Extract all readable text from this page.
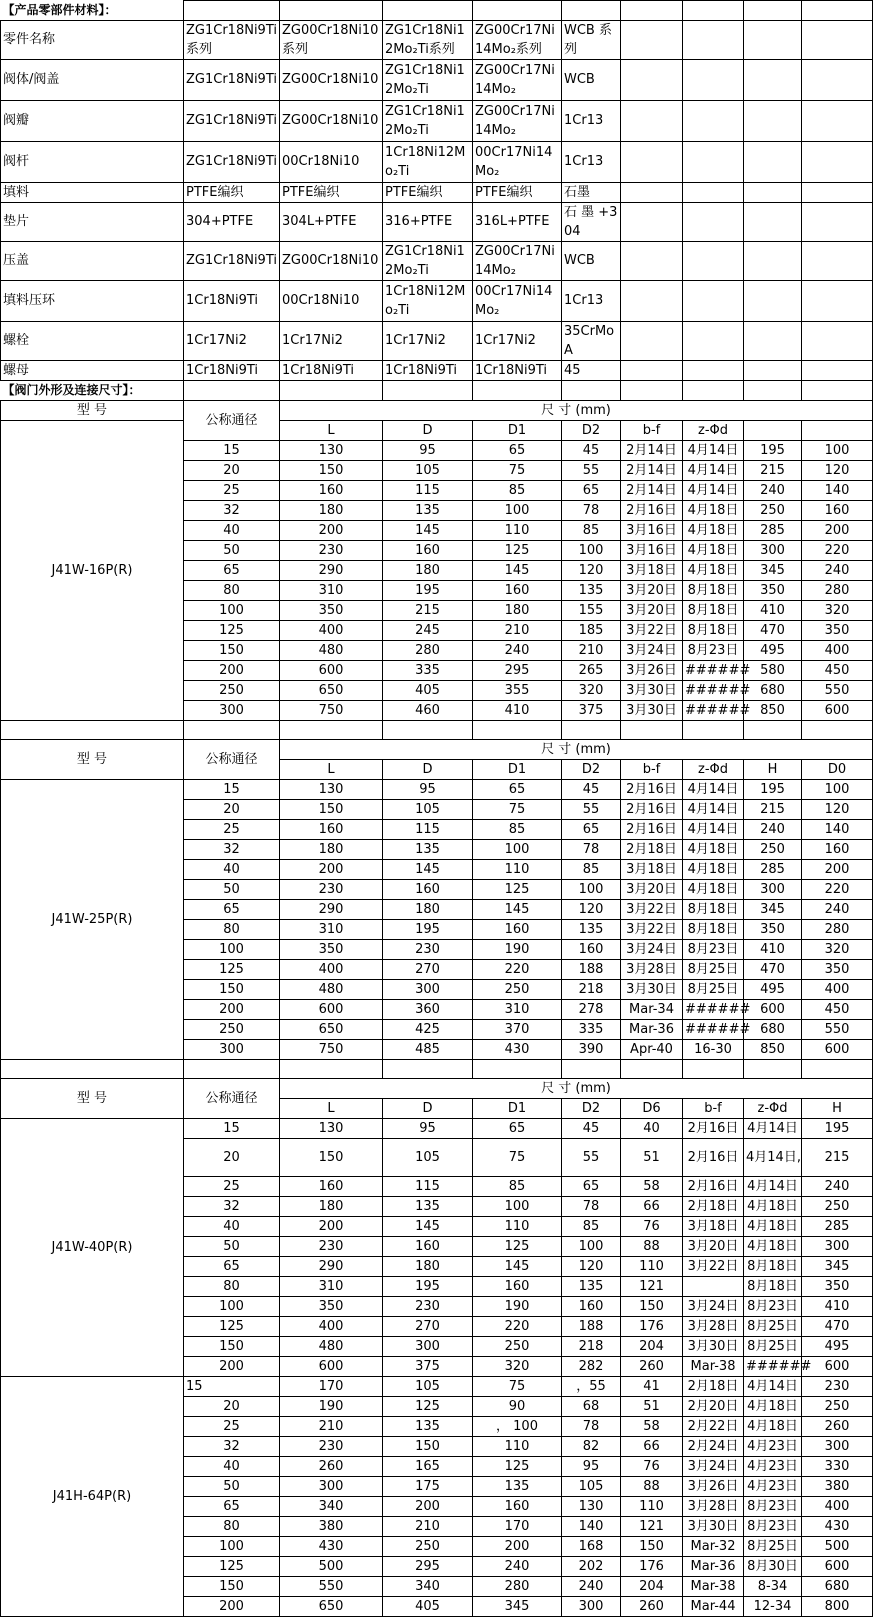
【产品零部件材料】：									
零件名称	ZG1Cr18Ni9Ti系列	ZG00Cr18Ni10系列	ZG1Cr18Ni12Mo₂Ti系列	ZG00Cr17Ni14Mo₂系列	WCB 系列				
阀体/阀盖	ZG1Cr18Ni9Ti	ZG00Cr18Ni10	ZG1Cr18Ni12Mo₂Ti	ZG00Cr17Ni14Mo₂	WCB				
阀瓣	ZG1Cr18Ni9Ti	ZG00Cr18Ni10	ZG1Cr18Ni12Mo₂Ti	ZG00Cr17Ni14Mo₂	1Cr13				
阀杆	ZG1Cr18Ni9Ti	00Cr18Ni10	1Cr18Ni12Mo₂Ti	00Cr17Ni14Mo₂	1Cr13				
填料	PTFE编织	PTFE编织	PTFE编织	PTFE编织	石墨				
垫片	304+PTFE	304L+PTFE	316+PTFE	316L+PTFE	石 墨 +304				
压盖	ZG1Cr18Ni9Ti	ZG00Cr18Ni10	ZG1Cr18Ni12Mo₂Ti	ZG00Cr17Ni14Mo₂	WCB				
填料压环	1Cr18Ni9Ti	00Cr18Ni10	1Cr18Ni12Mo₂Ti	00Cr17Ni14Mo₂	1Cr13				
螺栓	1Cr17Ni2	1Cr17Ni2	1Cr17Ni2	1Cr17Ni2	35CrMoA				
螺母	1Cr18Ni9Ti	1Cr18Ni9Ti	1Cr18Ni9Ti	1Cr18Ni9Ti	45				
【阀门外形及连接尺寸】：									
型 号	公称通径	尺 寸 (mm)							
J41W-16P(R)		L	D	D1	D2	b-f	z-Φd		
	15	130	95	65	45	2月14日	4月14日	195	100
	20	150	105	75	55	2月14日	4月14日	215	120
	25	160	115	85	65	2月14日	4月14日	240	140
	32	180	135	100	78	2月16日	4月18日	250	160
	40	200	145	110	85	3月16日	4月18日	285	200
	50	230	160	125	100	3月16日	4月18日	300	220
	65	290	180	145	120	3月18日	4月18日	345	240
	80	310	195	160	135	3月20日	8月18日	350	280
	100	350	215	180	155	3月20日	8月18日	410	320
	125	400	245	210	185	3月22日	8月18日	470	350
	150	480	280	240	210	3月24日	8月23日	495	400
	200	600	335	295	265	3月26日	######	580	450
	250	650	405	355	320	3月30日	######	680	550
	300	750	460	410	375	3月30日	######	850	600

型 号	公称通径	尺 寸 (mm)							
		L	D	D1	D2	b-f	z-Φd	H	D0
J41W-25P(R)	15	130	95	65	45	2月16日	4月14日	195	100
	20	150	105	75	55	2月16日	4月14日	215	120
	25	160	115	85	65	2月16日	4月14日	240	140
	32	180	135	100	78	2月18日	4月18日	250	160
	40	200	145	110	85	3月18日	4月18日	285	200
	50	230	160	125	100	3月20日	4月18日	300	220
	65	290	180	145	120	3月22日	8月18日	345	240
	80	310	195	160	135	3月22日	8月18日	350	280
	100	350	230	190	160	3月24日	8月23日	410	320
	125	400	270	220	188	3月28日	8月25日	470	350
	150	480	300	250	218	3月30日	8月25日	495	400
	200	600	360	310	278	Mar-34	######	600	450
	250	650	425	370	335	Mar-36	######	680	550
	300	750	485	430	390	Apr-40	16-30	850	600

型 号	公称通径	尺 寸 (mm)							
		L	D	D1	D2	D6	b-f	z-Φd	H
J41W-40P(R)	15	130	95	65	45	40	2月16日	4月14日	195
	20	150	105	75	55	51	2月16日	4月14日,	215
	25	160	115	85	65	58	2月16日	4月14日	240
	32	180	135	100	78	66	2月18日	4月18日	250
	40	200	145	110	85	76	3月18日	4月18日	285
	50	230	160	125	100	88	3月20日	4月18日	300
	65	290	180	145	120	110	3月22日	8月18日	345
	80	310	195	160	135	121		8月18日	350
	100	350	230	190	160	150	3月24日	8月23日	410
	125	400	270	220	188	176	3月28日	8月25日	470
	150	480	300	250	218	204	3月30日	8月25日	495
	200	600	375	320	282	260	Mar-38	######	600
J41H-64P(R)	15	170	105	75	，55	41	2月18日	4月14日	230
	20	190	125	90	68	51	2月20日	4月18日	250
	25	210	135	， 100	78	58	2月22日	4月18日	260
	32	230	150	110	82	66	2月24日	4月23日	300
	40	260	165	125	95	76	3月24日	4月23日	330
	50	300	175	135	105	88	3月26日	4月23日	380
	65	340	200	160	130	110	3月28日	8月23日	400
	80	380	210	170	140	121	3月30日	8月23日	430
	100	430	250	200	168	150	Mar-32	8月25日	500
	125	500	295	240	202	176	Mar-36	8月30日	600
	150	550	340	280	240	204	Mar-38	8-34	680
	200	650	405	345	300	260	Mar-44	12-34	800
